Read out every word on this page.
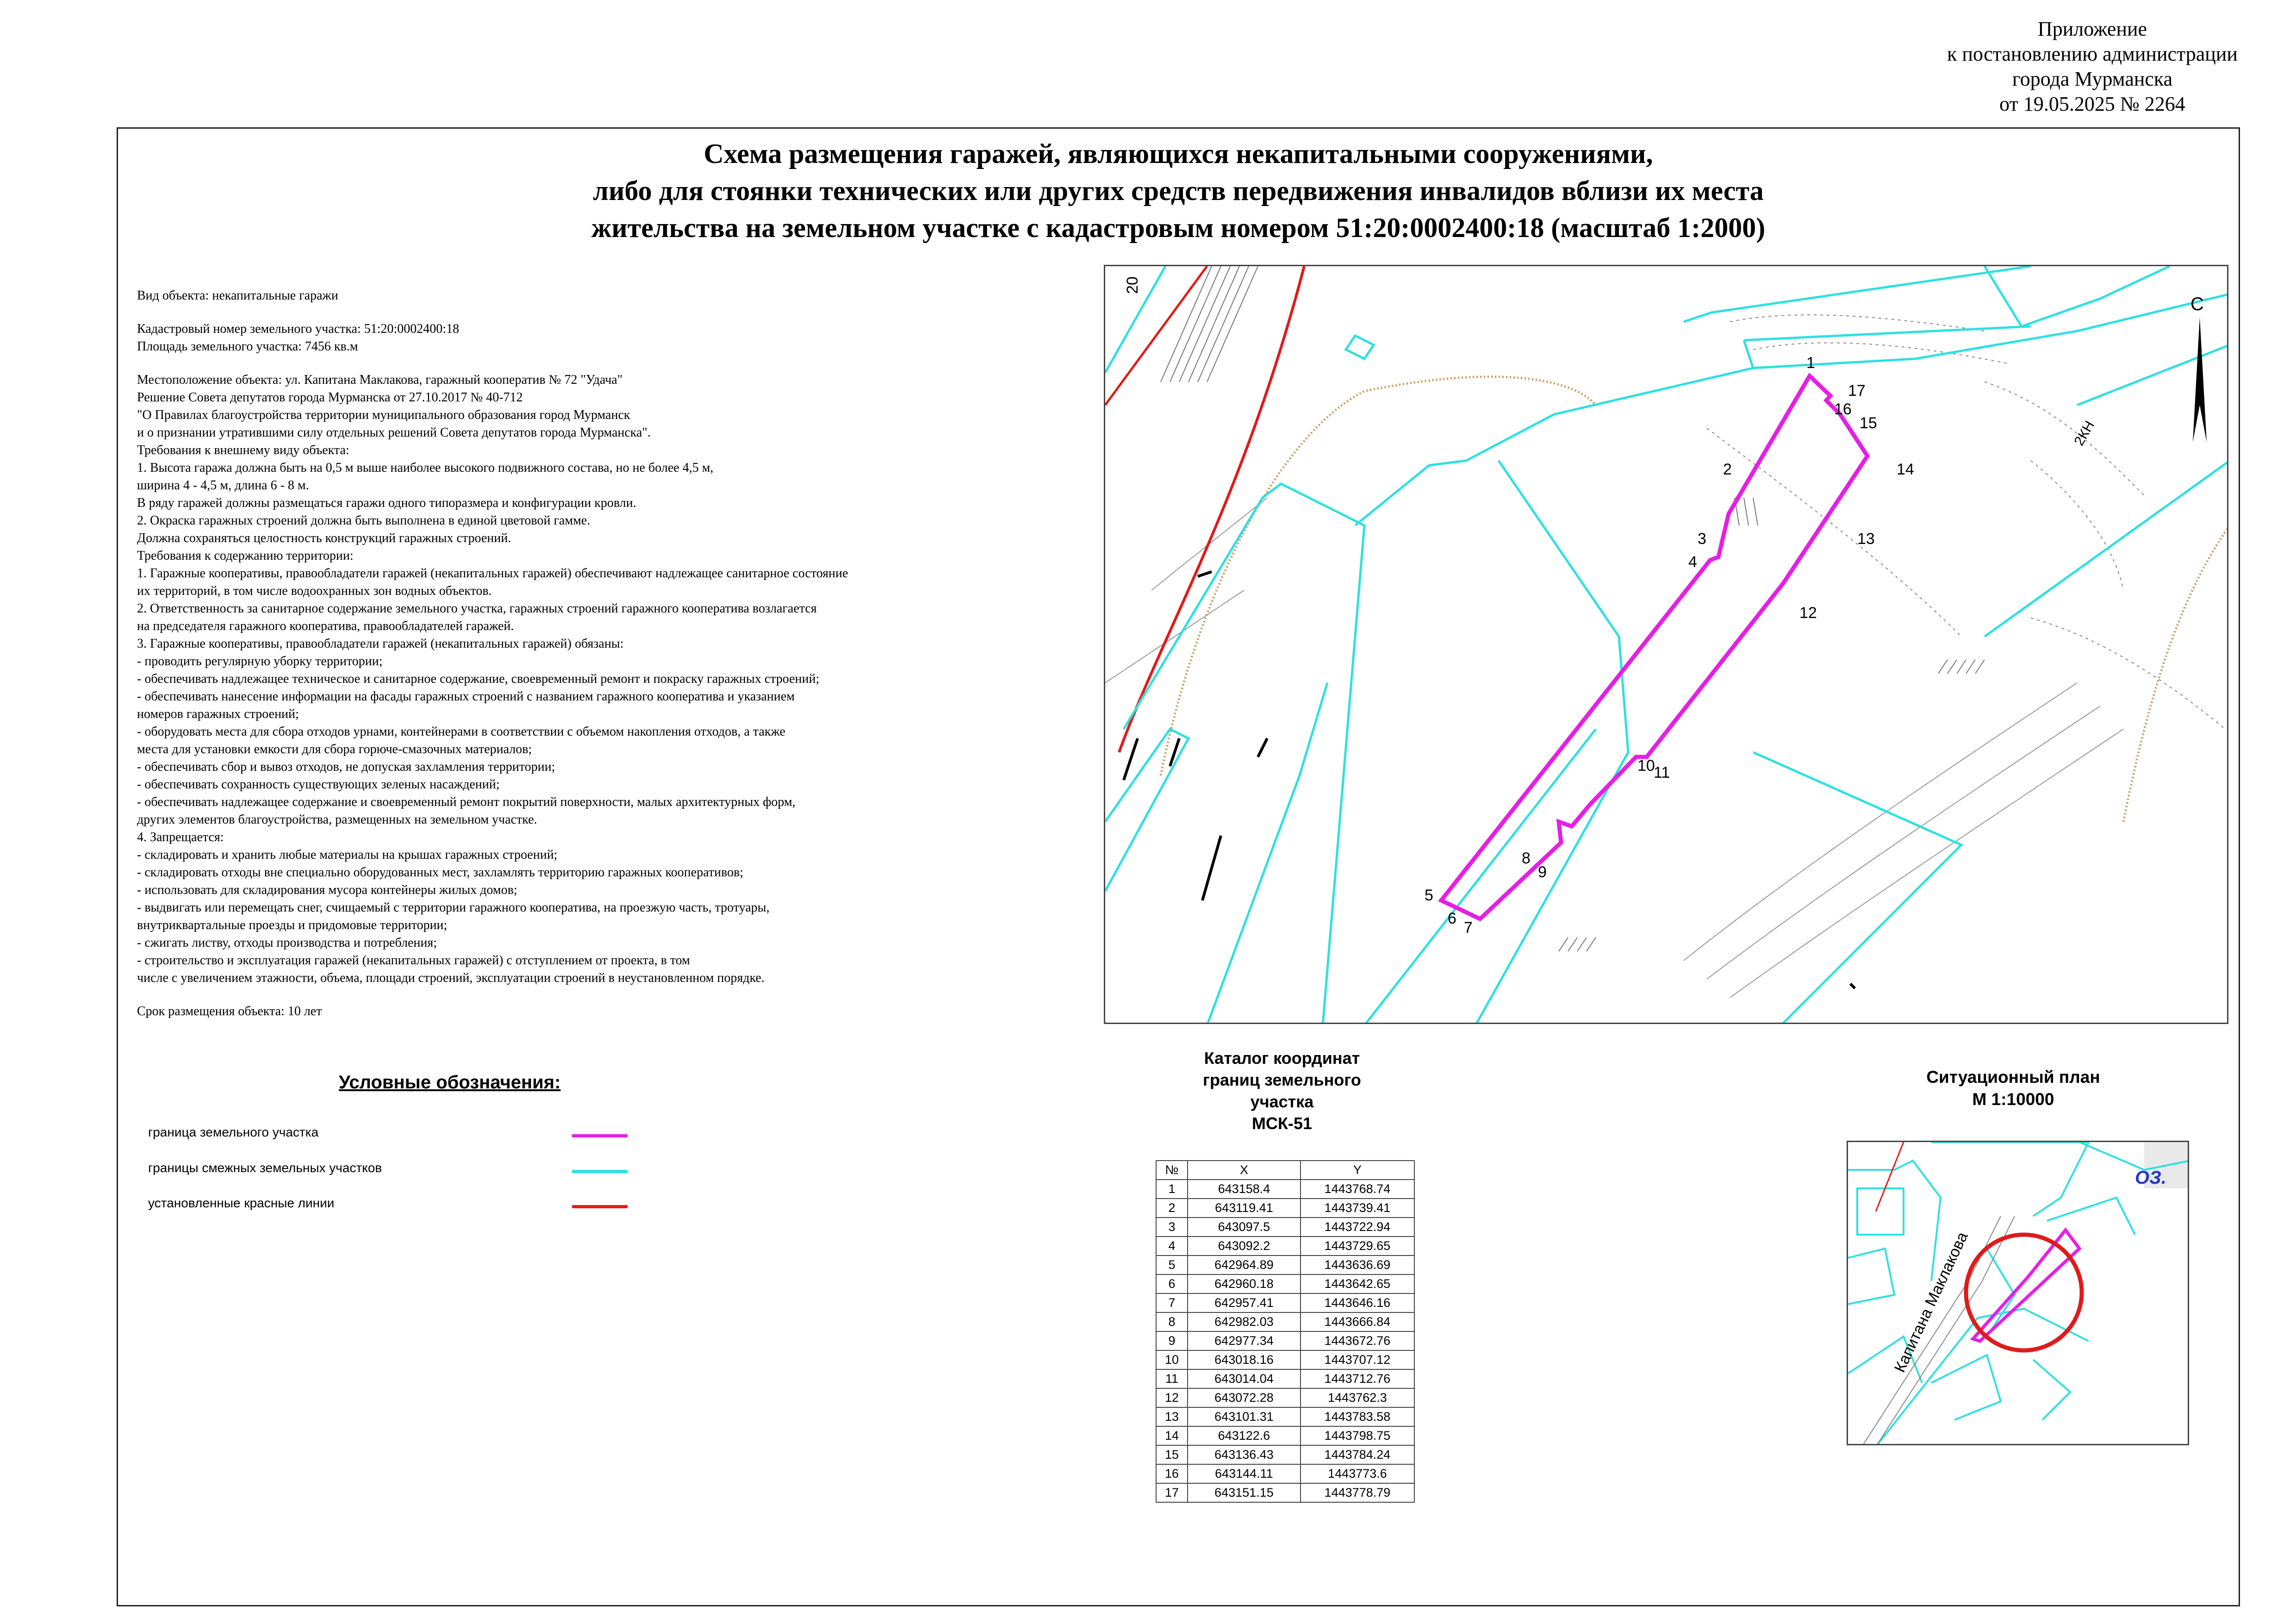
Приложение
к постановлению администрации
города Мурманска
от 19.05.2025 № 2264
Схема размещения гаражей, являющихся некапитальными сооружениями,
либо для стоянки технических или других средств передвижения инвалидов вблизи их места
жительства на земельном участке с кадастровым номером 51:20:0002400:18 (масштаб 1:2000)
Вид объекта: некапитальные гаражи
Кадастровый номер земельного участка: 51:20:0002400:18
Площадь земельного участка: 7456 кв.м
Местоположение объекта: ул. Капитана Маклакова, гаражный кооператив № 72 "Удача"
Решение Совета депутатов города Мурманска от 27.10.2017 № 40-712
"О Правилах благоустройства территории муниципального образования город Мурманск
и о признании утратившими силу отдельных решений Совета депутатов города Мурманска".
Требования к внешнему виду объекта:
1. Высота гаража должна быть на 0,5 м выше наиболее высокого подвижного состава, но не более 4,5 м,
ширина 4 - 4,5 м, длина 6 - 8 м.
В ряду гаражей должны размещаться гаражи одного типоразмера и конфигурации кровли.
2. Окраска гаражных строений должна быть выполнена в единой цветовой гамме.
Должна сохраняться целостность конструкций гаражных строений.
Требования к содержанию территории:
1. Гаражные кооперативы, правообладатели гаражей (некапитальных гаражей) обеспечивают надлежащее санитарное состояние
их территорий, в том числе водоохранных зон водных объектов.
2. Ответственность за санитарное содержание земельного участка, гаражных строений гаражного кооператива возлагается
на председателя гаражного кооператива, правообладателей гаражей.
3. Гаражные кооперативы, правообладатели гаражей (некапитальных гаражей) обязаны:
- проводить регулярную уборку территории;
- обеспечивать надлежащее техническое и санитарное содержание, своевременный ремонт и покраску гаражных строений;
- обеспечивать нанесение информации на фасады гаражных строений с названием гаражного кооператива и указанием
номеров гаражных строений;
- оборудовать места для сбора отходов урнами, контейнерами в соответствии с объемом накопления отходов, а также
места для установки емкости для сбора горюче-смазочных материалов;
- обеспечивать сбор и вывоз отходов, не допуская захламления территории;
- обеспечивать сохранность существующих зеленых насаждений;
- обеспечивать надлежащее содержание и своевременный ремонт покрытий поверхности, малых архитектурных форм,
других элементов благоустройства, размещенных на земельном участке.
4. Запрещается:
- складировать и хранить любые материалы на крышах гаражных строений;
- складировать отходы вне специально оборудованных мест, захламлять территорию гаражных кооперативов;
- использовать для складирования мусора контейнеры жилых домов;
- выдвигать или перемещать снег, счищаемый с территории гаражного кооператива, на проезжую часть, тротуары,
внутриквартальные проезды и придомовые территории;
- сжигать листву, отходы производства и потребления;
- строительство и эксплуатация гаражей (некапитальных гаражей) с отступлением от проекта, в том
числе с увеличением этажности, объема, площади строений, эксплуатации строений в неустановленном порядке.
Срок размещения объекта: 10 лет
1
2
3
4
5
6
7
8
9
10
11
12
13
14
15
16
17
20
2КН
С
Условные обозначения:
граница земельного участка
границы смежных земельных участков
установленные красные линии
Каталог координат
границ земельного
участка
МСК-51
№	X	Y
1	643158.4	1443768.74
2	643119.41	1443739.41
3	643097.5	1443722.94
4	643092.2	1443729.65
5	642964.89	1443636.69
6	642960.18	1443642.65
7	642957.41	1443646.16
8	642982.03	1443666.84
9	642977.34	1443672.76
10	643018.16	1443707.12
11	643014.04	1443712.76
12	643072.28	1443762.3
13	643101.31	1443783.58
14	643122.6	1443798.75
15	643136.43	1443784.24
16	643144.11	1443773.6
17	643151.15	1443778.79
Ситуационный план
М 1:10000
Капитана Маклакова
ОЗ.
